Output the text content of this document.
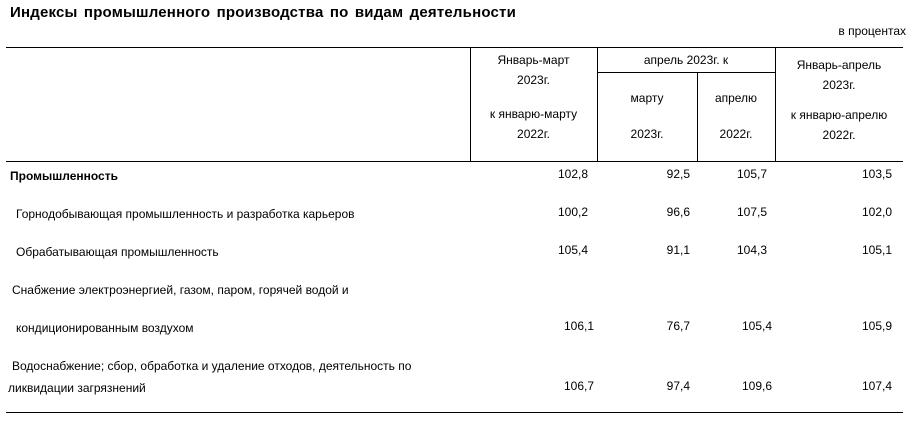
Индексы промышленного производства по видам деятельности
в процентах
Январь-март
2023г.
к январю-марту
2022г.
апрель 2023г. к
марту
2023г.
апрелю
2022г.
Январь-апрель
2023г.
к январю-апрелю
2022г.
Промышленность	102,8	92,5	105,7	103,5
Горнодобывающая промышленность и разработка карьеров	100,2	96,6	107,5	102,0
Обрабатывающая промышленность	105,4	91,1	104,3	105,1
Снабжение электроэнергией, газом, паром, горячей водой и
кондиционированным воздухом	106,1	76,7	105,4	105,9
Водоснабжение; сбор, обработка и удаление отходов, деятельность по
ликвидации загрязнений	106,7	97,4	109,6	107,4
